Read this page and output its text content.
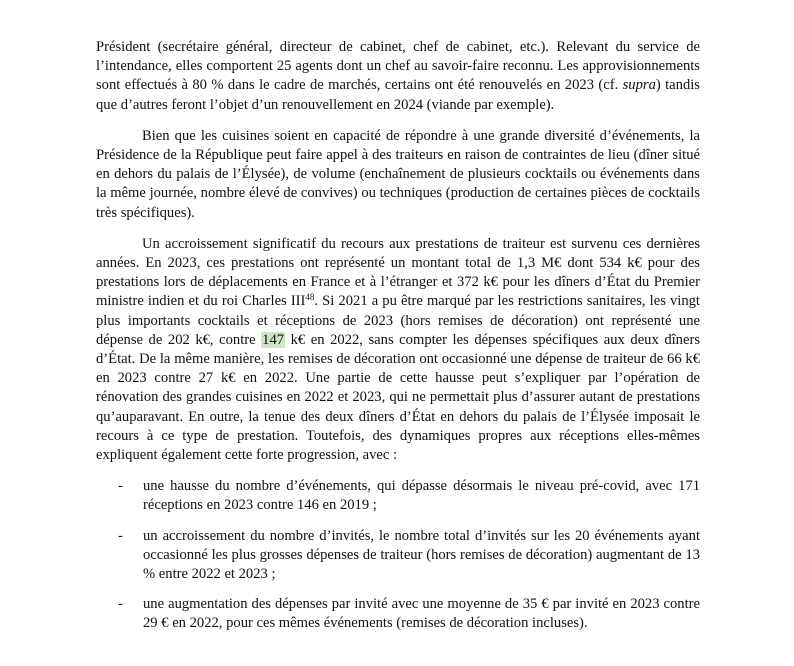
Président (secrétaire général, directeur de cabinet, chef de cabinet, etc.). Relevant du service de l’intendance, elles comportent 25 agents dont un chef au savoir-faire reconnu. Les approvisionnements sont effectués à 80 % dans le cadre de marchés, certains ont été renouvelés en 2023 (cf. supra) tandis que d’autres feront l’objet d’un renouvellement en 2024 (viande par exemple).

Bien que les cuisines soient en capacité de répondre à une grande diversité d’événements, la Présidence de la République peut faire appel à des traiteurs en raison de contraintes de lieu (dîner situé en dehors du palais de l’Élysée), de volume (enchaînement de plusieurs cocktails ou événements dans la même journée, nombre élevé de convives) ou techniques (production de certaines pièces de cocktails très spécifiques).

Un accroissement significatif du recours aux prestations de traiteur est survenu ces dernières années. En 2023, ces prestations ont représenté un montant total de 1,3 M€ dont 534 k€ pour des prestations lors de déplacements en France et à l’étranger et 372 k€ pour les dîners d’État du Premier ministre indien et du roi Charles III$^{48}$. Si 2021 a pu être marqué par les restrictions sanitaires, les vingt plus importants cocktails et réceptions de 2023 (hors remises de décoration) ont représenté une dépense de 202 k€, contre 147 k€ en 2022, sans compter les dépenses spécifiques aux deux dîners d’État. De la même manière, les remises de décoration ont occasionné une dépense de traiteur de 66 k€ en 2023 contre 27 k€ en 2022. Une partie de cette hausse peut s’expliquer par l’opération de rénovation des grandes cuisines en 2022 et 2023, qui ne permettait plus d’assurer autant de prestations qu’auparavant. En outre, la tenue des deux dîners d’État en dehors du palais de l’Élysée imposait le recours à ce type de prestation. Toutefois, des dynamiques propres aux réceptions elles-mêmes expliquent également cette forte progression, avec :

- une hausse du nombre d’événements, qui dépasse désormais le niveau pré-covid, avec 171 réceptions en 2023 contre 146 en 2019 ;
- un accroissement du nombre d’invités, le nombre total d’invités sur les 20 événements ayant occasionné les plus grosses dépenses de traiteur (hors remises de décoration) augmentant de 13 % entre 2022 et 2023 ;
- une augmentation des dépenses par invité avec une moyenne de 35 € par invité en 2023 contre 29 € en 2022, pour ces mêmes événements (remises de décoration incluses).
